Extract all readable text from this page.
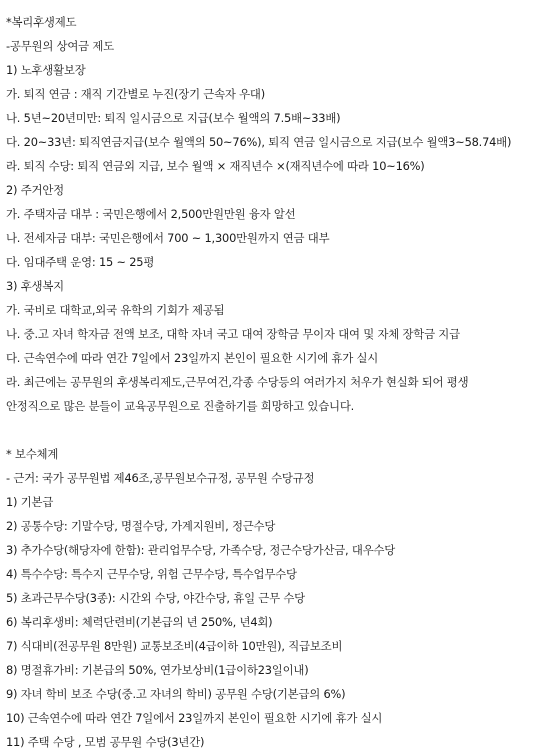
*복리후생제도
-공무원의 상여금 제도
1) 노후생활보장
가. 퇴직 연금 : 재직 기간별로 누진(장기 근속자 우대)
나. 5년~20년미만: 퇴직 일시금으로 지급(보수 월액의 7.5배~33배)
다. 20~33년: 퇴직연금지급(보수 월액의 50~76%), 퇴직 연금 일시금으로 지급(보수 월액3~58.74배)
라. 퇴직 수당: 퇴직 연금외 지급, 보수 월액 × 재직년수 ×(재직년수에 따라 10~16%)
2) 주거안정
가. 주택자금 대부 : 국민은행에서 2,500만원만원 융자 알선
나. 전세자금 대부: 국민은행에서 700 ~ 1,300만원까지 연금 대부
다. 임대주택 운영: 15 ~ 25평
3) 후생복지
가. 국비로 대학교,외국 유학의 기회가 제공됨
나. 중.고 자녀 학자금 전액 보조, 대학 자녀 국고 대여 장학금 무이자 대여 및 자체 장학금 지급
다. 근속연수에 따라 연간 7일에서 23일까지 본인이 필요한 시기에 휴가 실시
라. 최근에는 공무원의 후생복리제도,근무여건,각종 수당등의 여러가지 처우가 현실화 되어 평생
안정직으로 많은 분들이 교육공무원으로 진출하기를 희망하고 있습니다.
* 보수체계
- 근거: 국가 공무원법 제46조,공무원보수규정, 공무원 수당규정
1) 기본급
2) 공통수당: 기말수당, 명절수당, 가계지원비, 정근수당
3) 추가수당(해당자에 한함): 관리업무수당, 가족수당, 정근수당가산금, 대우수당
4) 특수수당: 특수지 근무수당, 위험 근무수당, 특수업무수당
5) 초과근무수당(3종): 시간외 수당, 야간수당, 휴일 근무 수당
6) 복리후생비: 체력단련비(기본급의 년 250%, 년4회)
7) 식대비(전공무원 8만원) 교통보조비(4급이하 10만원), 직급보조비
8) 명절휴가비: 기본급의 50%, 연가보상비(1급이하23일이내)
9) 자녀 학비 보조 수당(중.고 자녀의 학비) 공무원 수당(기본급의 6%)
10) 근속연수에 따라 연간 7일에서 23일까지 본인이 필요한 시기에 휴가 실시
11) 주택 수당 , 모범 공무원 수당(3년간)
